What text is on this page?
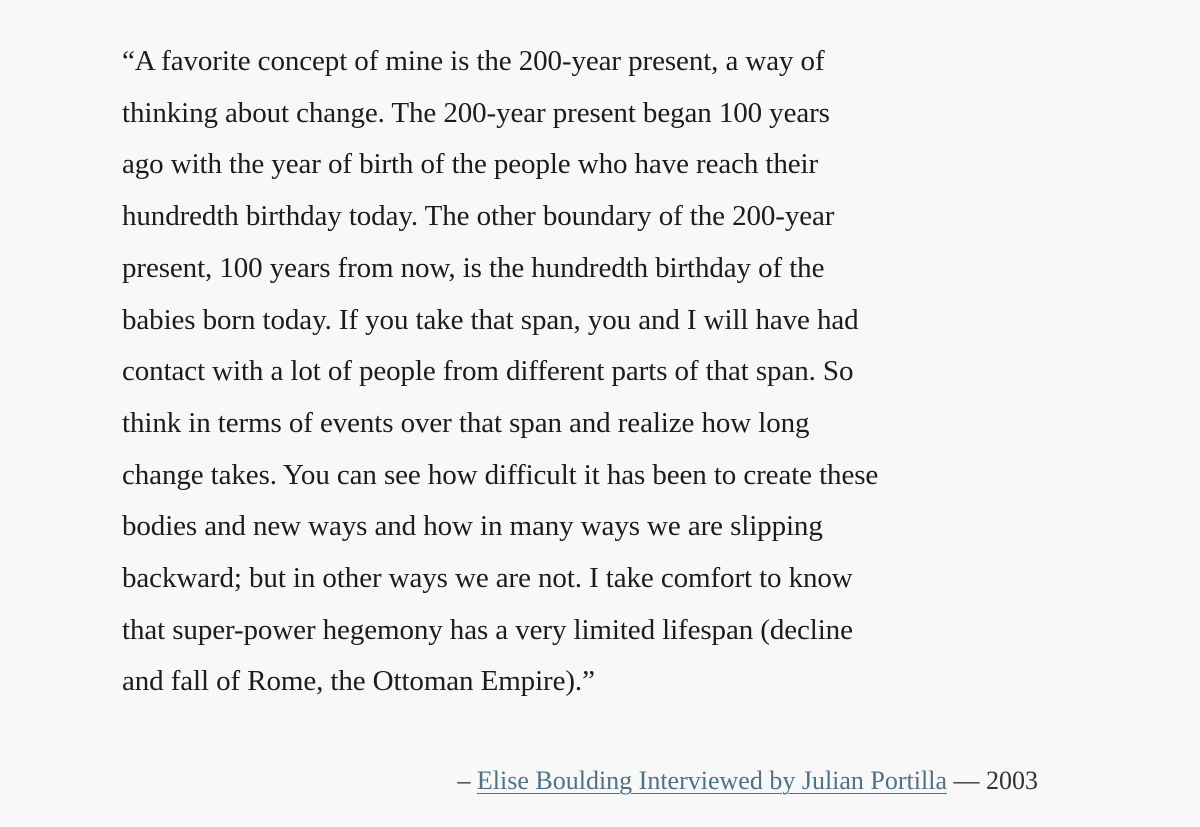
“A favorite concept of mine is the 200-year present, a way of
thinking about change. The 200-year present began 100 years
ago with the year of birth of the people who have reach their
hundredth birthday today. The other boundary of the 200-year
present, 100 years from now, is the hundredth birthday of the
babies born today. If you take that span, you and I will have had
contact with a lot of people from different parts of that span. So
think in terms of events over that span and realize how long
change takes. You can see how difficult it has been to create these
bodies and new ways and how in many ways we are slipping
backward; but in other ways we are not. I take comfort to know
that super-power hegemony has a very limited lifespan (decline
and fall of Rome, the Ottoman Empire).”
– Elise Boulding Interviewed by Julian Portilla — 2003
